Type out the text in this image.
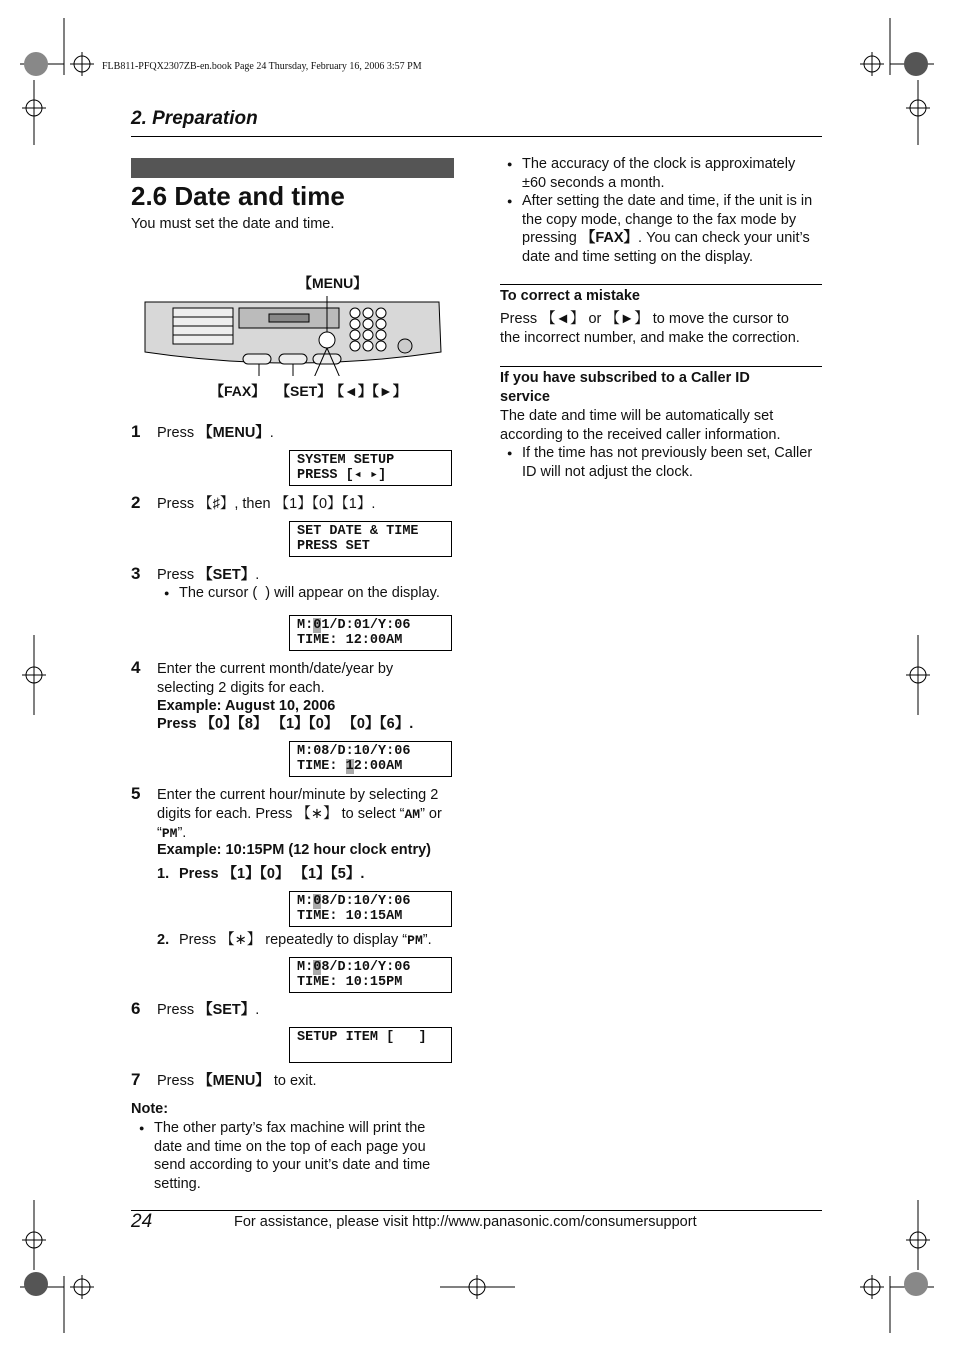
FLB811-PFQX2307ZB-en.book Page 24 Thursday, February 16, 2006 3:57 PM
2. Preparation
2.6 Date and time
You must set the date and time.
【MENU】
【FAX】 【SET】
【◄】【►】
1 Press 【MENU】.
SYSTEM SETUP
PRESS [◂ ▸]
2 Press 【♯】, then 【1】【0】【1】.
SET DATE & TIME
PRESS SET
3 Press 【SET】.
● The cursor (  ) will appear on the display.
M:01/D:01/Y:06
TIME: 12:00AM
4 Enter the current month/date/year by selecting 2 digits for each.
Example: August 10, 2006
Press 【0】【8】 【1】【0】 【0】【6】.
M:08/D:10/Y:06
TIME: 12:00AM
5 Enter the current hour/minute by selecting 2 digits for each. Press 【∗】 to select “AM” or “PM”.
Example: 10:15PM (12 hour clock entry)
1. Press 【1】【0】 【1】【5】.
M:08/D:10/Y:06
TIME: 10:15AM
2. Press 【∗】 repeatedly to display “PM”.
M:08/D:10/Y:06
TIME: 10:15PM
6 Press 【SET】.
SETUP ITEM [   ]
7 Press 【MENU】 to exit.
Note:
● The other party’s fax machine will print the date and time on the top of each page you send according to your unit’s date and time setting.
● The accuracy of the clock is approximately ±60 seconds a month.
● After setting the date and time, if the unit is in the copy mode, change to the fax mode by pressing 【FAX】. You can check your unit’s date and time setting on the display.
To correct a mistake
Press 【◄】 or 【►】 to move the cursor to the incorrect number, and make the correction.
If you have subscribed to a Caller ID service
The date and time will be automatically set according to the received caller information.
● If the time has not previously been set, Caller ID will not adjust the clock.
24	For assistance, please visit http://www.panasonic.com/consumersupport
